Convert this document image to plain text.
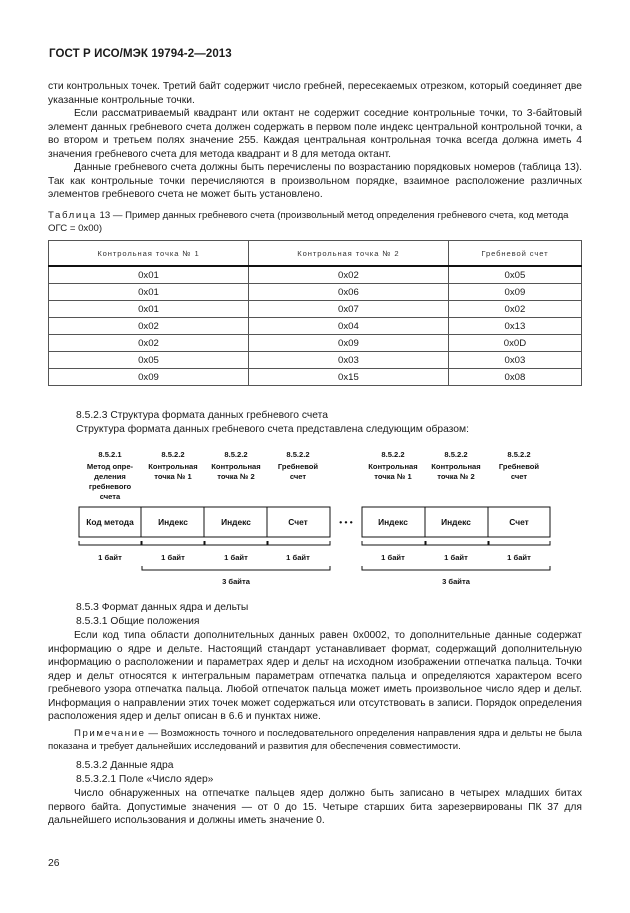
ГОСТ Р ИСО/МЭК 19794-2—2013

сти контрольных точек. Третий байт содержит число гребней, пересекаемых отрезком, который соединяет две указанные контрольные точки.

Если рассматриваемый квадрант или октант не содержит соседние контрольные точки, то 3-байтовый элемент данных гребневого счета должен содержать в первом поле индекс центральной контрольной точки, а во втором и третьем полях значение 255. Каждая центральная контрольная точка всегда должна иметь 4 значения гребневого счета для метода квадрант и 8 для метода октант.

Данные гребневого счета должны быть перечислены по возрастанию порядковых номеров (таблица 13). Так как контрольные точки перечисляются в произвольном порядке, взаимное расположение различных элементов гребневого счета не может быть установлено.

Таблица 13 — Пример данных гребневого счета (произвольный метод определения гребневого счета, код метода ОГС = 0x00)
Контрольная точка № 1	Контрольная точка № 2	Гребневой счет
0x01	0x02	0x05
0x01	0x06	0x09
0x01	0x07	0x02
0x02	0x04	0x13
0x02	0x09	0x0D
0x05	0x03	0x03
0x09	0x15	0x08
8.5.2.3 Структура формата данных гребневого счета
Структура формата данных гребневого счета представлена следующим образом:
8.5.2.1	8.5.2.2	8.5.2.2	8.5.2.2	8.5.2.2	8.5.2.2	8.5.2.2
Метод опре-
деления
гребневого
счета
Контрольная
точка № 1
Контрольная
точка № 2
Гребневой
счет
Контрольная
точка № 1
Контрольная
точка № 2
Гребневой
счет
Код метода	Индекс	Индекс	Счет	• • •	Индекс	Индекс	Счет
1 байт	1 байт	1 байт	1 байт	1 байт	1 байт	1 байт
3 байта	3 байта
8.5.3 Формат данных ядра и дельты
8.5.3.1 Общие положения
Если код типа области дополнительных данных равен 0x0002, то дополнительные данные содержат информацию о ядре и дельте. Настоящий стандарт устанавливает формат, содержащий дополнительную информацию о расположении и параметрах ядер и дельт на исходном изображении отпечатка пальца. Точки ядер и дельт относятся к интегральным параметрам отпечатка пальца и определяются характером всего гребневого узора отпечатка пальца. Любой отпечаток пальца может иметь произвольное число ядер и дельт. Информация о направлении этих точек может содержаться или отсутствовать в записи. Порядок определения расположения ядер и дельт описан в 6.6 и пунктах ниже.
Примечание — Возможность точного и последовательного определения направления ядра и дельты не была показана и требует дальнейших исследований и развития для обеспечения совместимости.
8.5.3.2 Данные ядра
8.5.3.2.1 Поле «Число ядер»
Число обнаруженных на отпечатке пальцев ядер должно быть записано в четырех младших битах первого байта. Допустимые значения — от 0 до 15. Четыре старших бита зарезервированы ПК 37 для дальнейшего использования и должны иметь значение 0.
26
